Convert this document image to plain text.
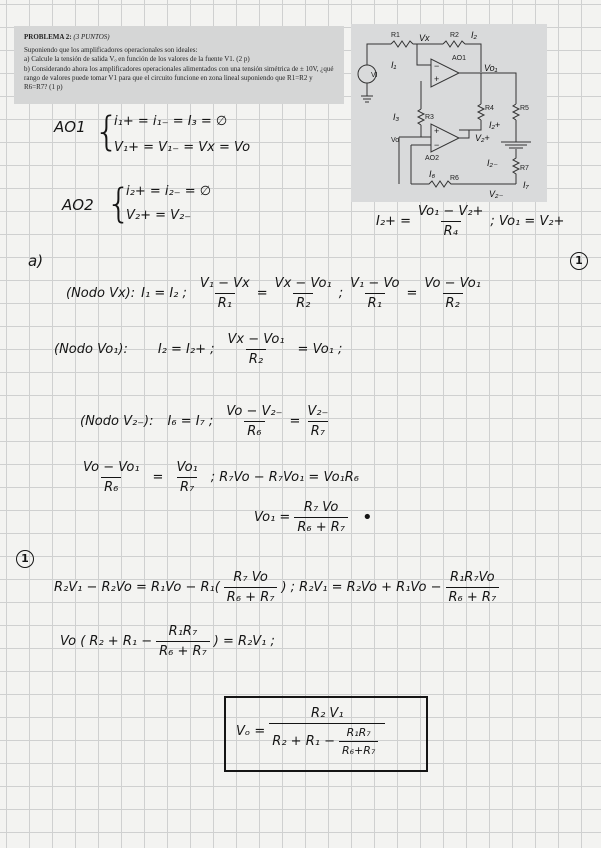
PROBLEMA 2: (3 PUNTOS)
Suponiendo que los amplificadores operacionales son ideales:
a) Calcule la tensión de salida Vₒ en función de los valores de la fuente V1. (2 p)
b) Considerando ahora los amplificadores operacionales alimentados con una tensión simétrica de ± 10V, ¿qué rango de valores puede tomar V1 para que el circuito funcione en zona lineal suponiendo que R1=R2 y R6=R7? (1 p)
R1	R2
VI
AO1
R4	R5
R3
Vo
AO2
R6
R7
+
−
+
−
Vx	I₂
I₁	Vo₁
I₃
I₂+
V₂+
I₆
I₂₋
V₂₋
I₇
AO1 {
i₁+ = i₁₋ = I₃ = ∅
V₁+ = V₁₋ = Vx = Vo
AO2 {
i₂+ = i₂₋ = ∅
V₂+ = V₂₋	$I_2+ = \frac{\text{Vo₁ − V₂+}}{\text{R₄}}$ ; Vo₁ = V₂+
a)	1
(Nodo Vx): I₁ = I₂ ; $\frac{\text{V₁ − Vx}}{\text{R₁}} = \frac{\text{Vx − Vo₁}}{\text{R₂}}$ ; $\frac{\text{V₁ − Vo}}{\text{R₁}} = \frac{\text{Vo − Vo₁}}{\text{R₂}}$
(Nodo Vo₁): I₂ = I₂+ ; $\frac{\text{Vx − Vo₁}}{\text{R₂}} = Vo_1$ ;
(Nodo V₂₋): I₆ = I₇ ; $\frac{\text{Vo − V₂₋}}{\text{R₆}} = \frac{\text{V₂₋}}{\text{R₇}}$
$\frac{\text{Vo − Vo₁}}{\text{R₆}} = \frac{\text{Vo₁}}{\text{R₇}}$ ; R₇Vo − R₇Vo₁ = Vo₁R₆
$Vo_1 = \frac{\text{R₇ Vo}}{\text{R₆ + R₇}}$ •
1
$R_2V_1 - R_2Vo = R_1Vo - R_1( \frac{\text{R₇ Vo}}{\text{R₆ + R₇}}$ ) ; $R_2V_1 = R_2Vo + R_1Vo - \frac{\text{R₁R₇Vo}}{\text{R₆ + R₇}}$
Vo ( $R_2 + R_1 - \frac{\text{R₁R₇}}{\text{R₆ + R₇}}$ ) = R₂V₁ ;
$V_o = \frac{\text{R₂ V₁}}{R_2 + R_1 - \frac{\text{R₁R₇}}{\text{R₆+R₇}}}$
